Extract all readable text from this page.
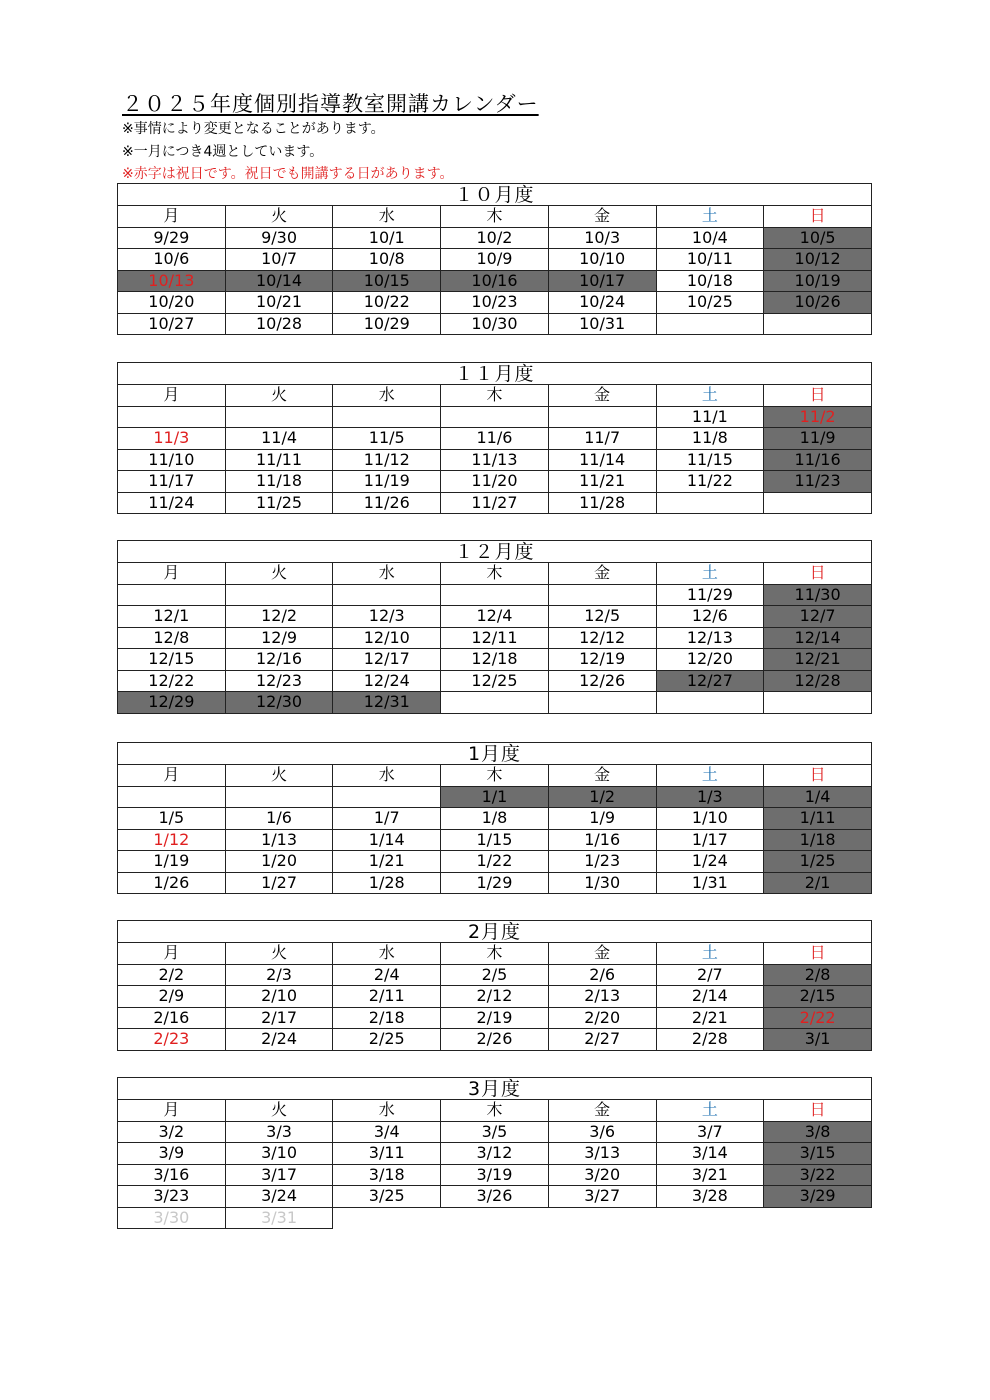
２０２５年度個別指導教室開講カレンダー
※事情により変更となることがあります。
※一月につき4週としています。
※赤字は祝日です。祝日でも開講する日があります。
１０月度						
月	火	水	木	金	土	日
9/29	9/30	10/1	10/2	10/3	10/4	10/5
10/6	10/7	10/8	10/9	10/10	10/11	10/12
10/13	10/14	10/15	10/16	10/17	10/18	10/19
10/20	10/21	10/22	10/23	10/24	10/25	10/26
10/27	10/28	10/29	10/30	10/31		
１１月度						
月	火	水	木	金	土	日
					11/1	11/2
11/3	11/4	11/5	11/6	11/7	11/8	11/9
11/10	11/11	11/12	11/13	11/14	11/15	11/16
11/17	11/18	11/19	11/20	11/21	11/22	11/23
11/24	11/25	11/26	11/27	11/28		
１２月度						
月	火	水	木	金	土	日
					11/29	11/30
12/1	12/2	12/3	12/4	12/5	12/6	12/7
12/8	12/9	12/10	12/11	12/12	12/13	12/14
12/15	12/16	12/17	12/18	12/19	12/20	12/21
12/22	12/23	12/24	12/25	12/26	12/27	12/28
12/29	12/30	12/31				
1月度						
月	火	水	木	金	土	日
			1/1	1/2	1/3	1/4
1/5	1/6	1/7	1/8	1/9	1/10	1/11
1/12	1/13	1/14	1/15	1/16	1/17	1/18
1/19	1/20	1/21	1/22	1/23	1/24	1/25
1/26	1/27	1/28	1/29	1/30	1/31	2/1
2月度						
月	火	水	木	金	土	日
2/2	2/3	2/4	2/5	2/6	2/7	2/8
2/9	2/10	2/11	2/12	2/13	2/14	2/15
2/16	2/17	2/18	2/19	2/20	2/21	2/22
2/23	2/24	2/25	2/26	2/27	2/28	3/1
3月度						
月	火	水	木	金	土	日
3/2	3/3	3/4	3/5	3/6	3/7	3/8
3/9	3/10	3/11	3/12	3/13	3/14	3/15
3/16	3/17	3/18	3/19	3/20	3/21	3/22
3/23	3/24	3/25	3/26	3/27	3/28	3/29
3/30	3/31					
